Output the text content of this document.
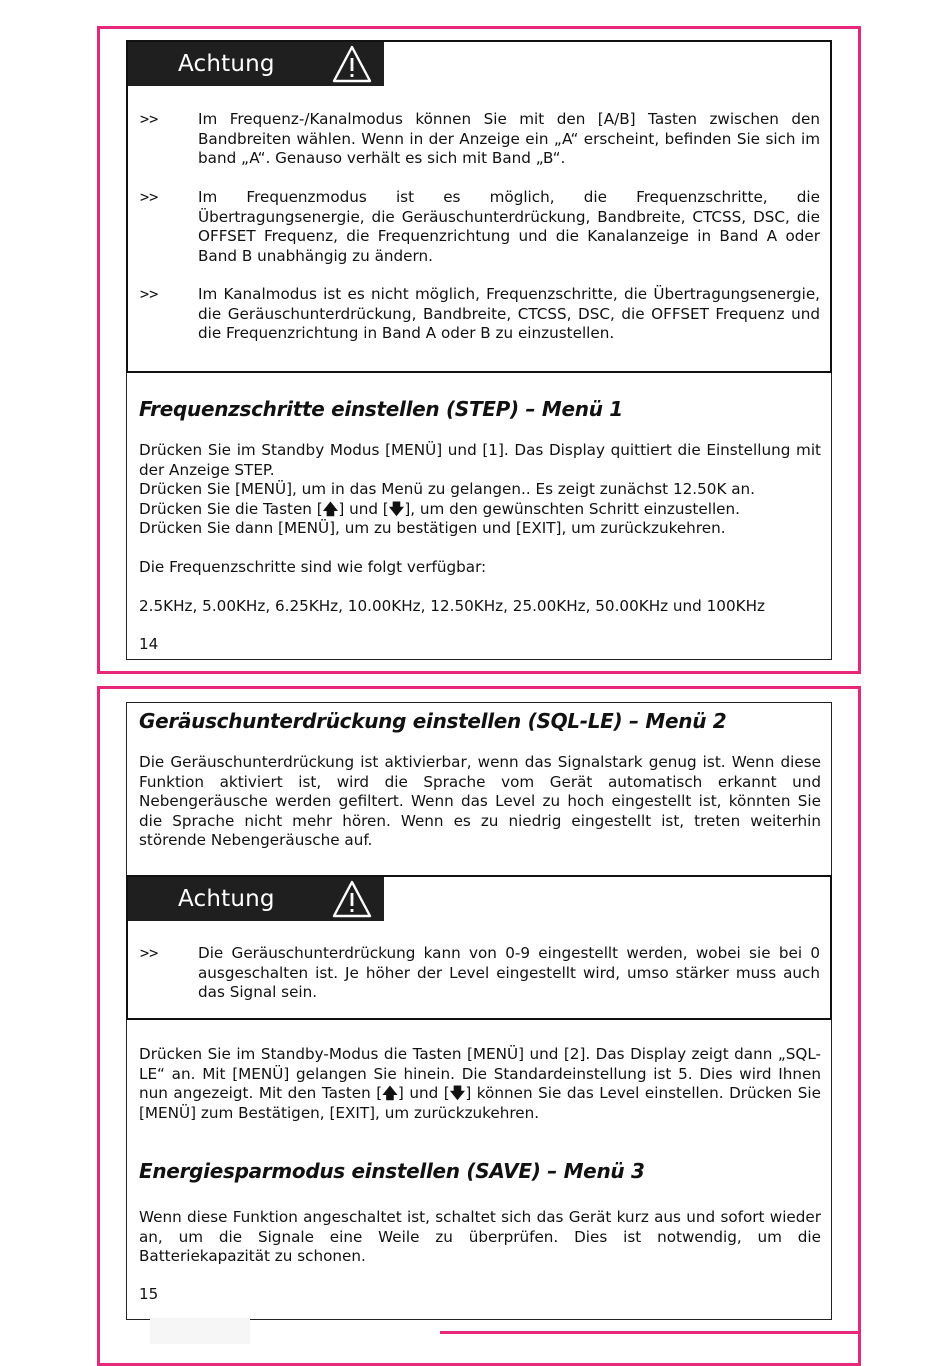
Achtung
>>	Im Frequenz-/Kanalmodus können Sie mit den [A/B] Tasten zwischen den Bandbreiten wählen. Wenn in der Anzeige ein „A“ erscheint, befinden Sie sich im band „A“. Genauso verhält es sich mit Band „B“.
>>	Im Frequenzmodus ist es möglich, die Frequenzschritte, die Übertragungsenergie, die Geräuschunterdrückung, Bandbreite, CTCSS, DSC, die OFFSET Frequenz, die Frequenzrichtung und die Kanalanzeige in Band A oder Band B unabhängig zu ändern.
>>	Im Kanalmodus ist es nicht möglich, Frequenzschritte, die Übertragungsenergie, die Geräuschunterdrückung, Bandbreite, CTCSS, DSC, die OFFSET Frequenz und die Frequenzrichtung in Band A oder B zu einzustellen.
Frequenzschritte einstellen (STEP) – Menü 1
Drücken Sie im Standby Modus [MENÜ] und [1]. Das Display quittiert die Einstellung mit der Anzeige STEP.
Drücken Sie [MENÜ], um in das Menü zu gelangen.. Es zeigt zunächst 12.50K an.
Drücken Sie die Tasten [🡅] und [🡇], um den gewünschten Schritt einzustellen.
Drücken Sie dann [MENÜ], um zu bestätigen und [EXIT], um zurückzukehren.
Die Frequenzschritte sind wie folgt verfügbar:
2.5KHz, 5.00KHz, 6.25KHz, 10.00KHz, 12.50KHz, 25.00KHz, 50.00KHz und 100KHz
14
Geräuschunterdrückung einstellen (SQL-LE) – Menü 2
Die Geräuschunterdrückung ist aktivierbar, wenn das Signalstark genug ist. Wenn diese Funktion aktiviert ist, wird die Sprache vom Gerät automatisch erkannt und Nebengeräusche werden gefiltert. Wenn das Level zu hoch eingestellt ist, könnten Sie die Sprache nicht mehr hören. Wenn es zu niedrig eingestellt ist, treten weiterhin störende Nebengeräusche auf.
Achtung
>>	Die Geräuschunterdrückung kann von 0-9 eingestellt werden, wobei sie bei 0 ausgeschalten ist. Je höher der Level eingestellt wird, umso stärker muss auch das Signal sein.
Drücken Sie im Standby-Modus die Tasten [MENÜ] und [2]. Das Display zeigt dann „SQL-LE“ an. Mit [MENÜ] gelangen Sie hinein. Die Standardeinstellung ist 5. Dies wird Ihnen nun angezeigt. Mit den Tasten [🡅] und [🡇] können Sie das Level einstellen. Drücken Sie [MENÜ] zum Bestätigen, [EXIT], um zurückzukehren.
Energiesparmodus einstellen (SAVE) – Menü 3
Wenn diese Funktion angeschaltet ist, schaltet sich das Gerät kurz aus und sofort wieder an, um die Signale eine Weile zu überprüfen. Dies ist notwendig, um die Batteriekapazität zu schonen.
15
